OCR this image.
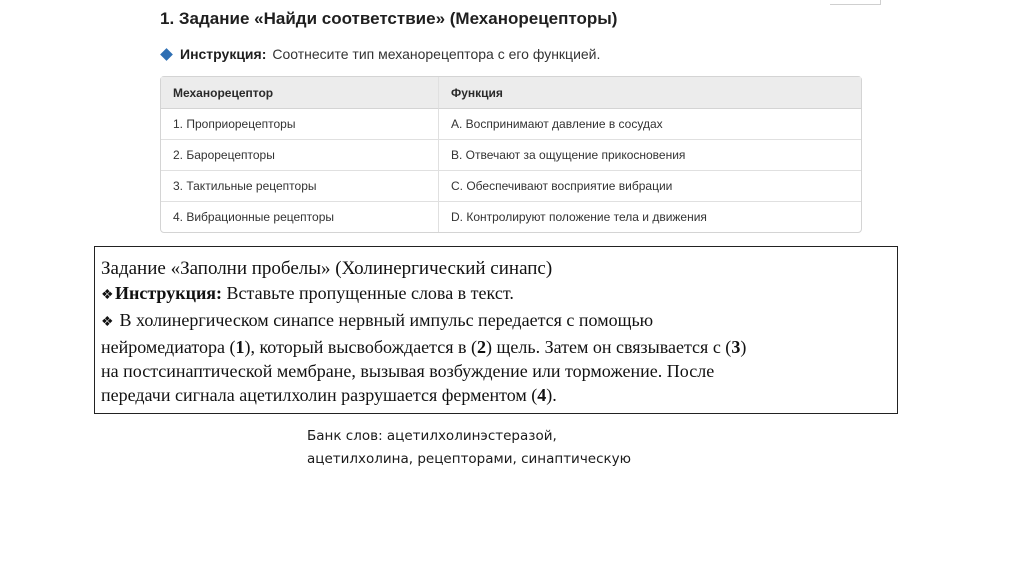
1. Задание «Найди соответствие» (Механорецепторы)
Инструкция: Соотнесите тип механорецептора с его функцией.
Механорецептор	Функция
1. Проприорецепторы	A. Воспринимают давление в сосудах
2. Барорецепторы	B. Отвечают за ощущение прикосновения
3. Тактильные рецепторы	C. Обеспечивают восприятие вибрации
4. Вибрационные рецепторы	D. Контролируют положение тела и движения
Задание «Заполни пробелы» (Холинергический синапс)
❖Инструкция: Вставьте пропущенные слова в текст.
❖ В холинергическом синапсе нервный импульс передается с помощью
нейромедиатора (1), который высвобождается в (2) щель. Затем он связывается с (3)
на постсинаптической мембране, вызывая возбуждение или торможение. После
передачи сигнала ацетилхолин разрушается ферментом (4).
Банк слов: ацетилхолинэстеразой,
ацетилхолина, рецепторами, синаптическую
